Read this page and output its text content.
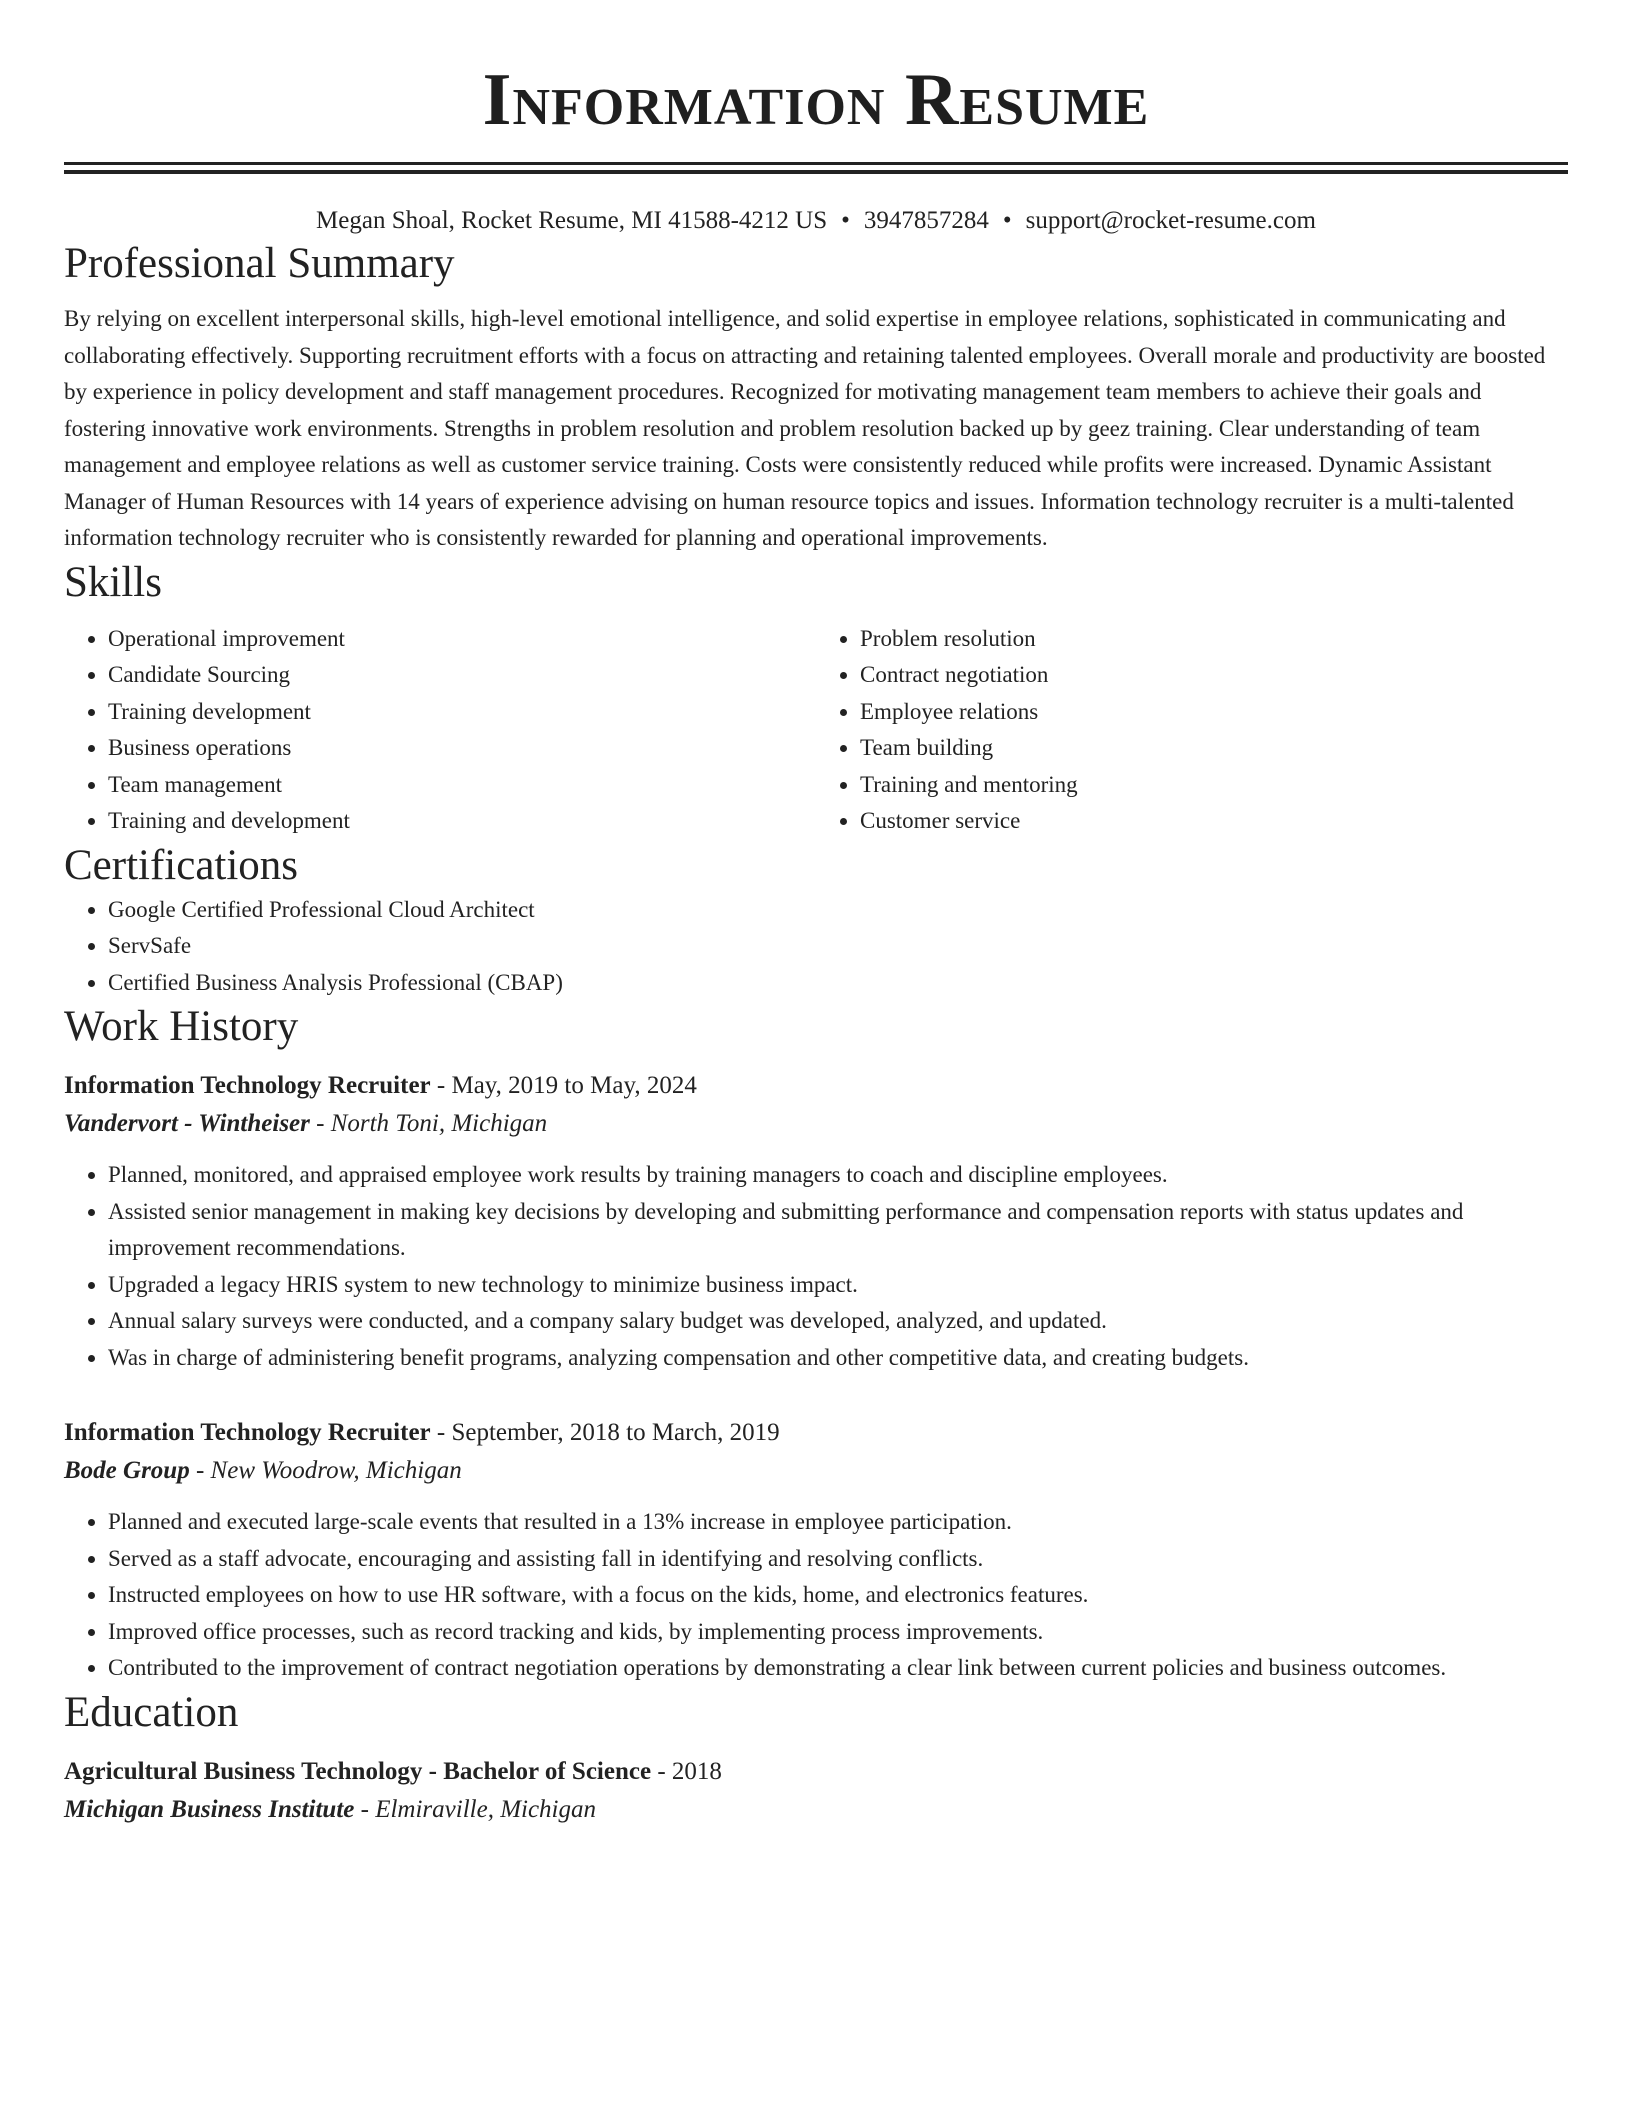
Information Resume
Megan Shoal, Rocket Resume, MI 41588-4212 US • 3947857284 • support@rocket-resume.com
Professional Summary

By relying on excellent interpersonal skills, high-level emotional intelligence, and solid expertise in employee relations, sophisticated in communicating and collaborating effectively. Supporting recruitment efforts with a focus on attracting and retaining talented employees. Overall morale and productivity are boosted by experience in policy development and staff management procedures. Recognized for motivating management team members to achieve their goals and fostering innovative work environments. Strengths in problem resolution and problem resolution backed up by geez training. Clear understanding of team management and employee relations as well as customer service training. Costs were consistently reduced while profits were increased. Dynamic Assistant Manager of Human Resources with 14 years of experience advising on human resource topics and issues. Information technology recruiter is a multi-talented information technology recruiter who is consistently rewarded for planning and operational improvements.

Skills
• Operational improvement
• Candidate Sourcing
• Training development
• Business operations
• Team management
• Training and development
• Problem resolution
• Contract negotiation
• Employee relations
• Team building
• Training and mentoring
• Customer service
Certifications
• Google Certified Professional Cloud Architect
• ServSafe
• Certified Business Analysis Professional (CBAP)
Work History
Information Technology Recruiter - May, 2019 to May, 2024
Vandervort - Wintheiser - North Toni, Michigan
• Planned, monitored, and appraised employee work results by training managers to coach and discipline employees.
• Assisted senior management in making key decisions by developing and submitting performance and compensation reports with status updates and improvement recommendations.
• Upgraded a legacy HRIS system to new technology to minimize business impact.
• Annual salary surveys were conducted, and a company salary budget was developed, analyzed, and updated.
• Was in charge of administering benefit programs, analyzing compensation and other competitive data, and creating budgets.
Information Technology Recruiter - September, 2018 to March, 2019
Bode Group - New Woodrow, Michigan
• Planned and executed large-scale events that resulted in a 13% increase in employee participation.
• Served as a staff advocate, encouraging and assisting fall in identifying and resolving conflicts.
• Instructed employees on how to use HR software, with a focus on the kids, home, and electronics features.
• Improved office processes, such as record tracking and kids, by implementing process improvements.
• Contributed to the improvement of contract negotiation operations by demonstrating a clear link between current policies and business outcomes.
Education
Agricultural Business Technology - Bachelor of Science - 2018
Michigan Business Institute - Elmiraville, Michigan
